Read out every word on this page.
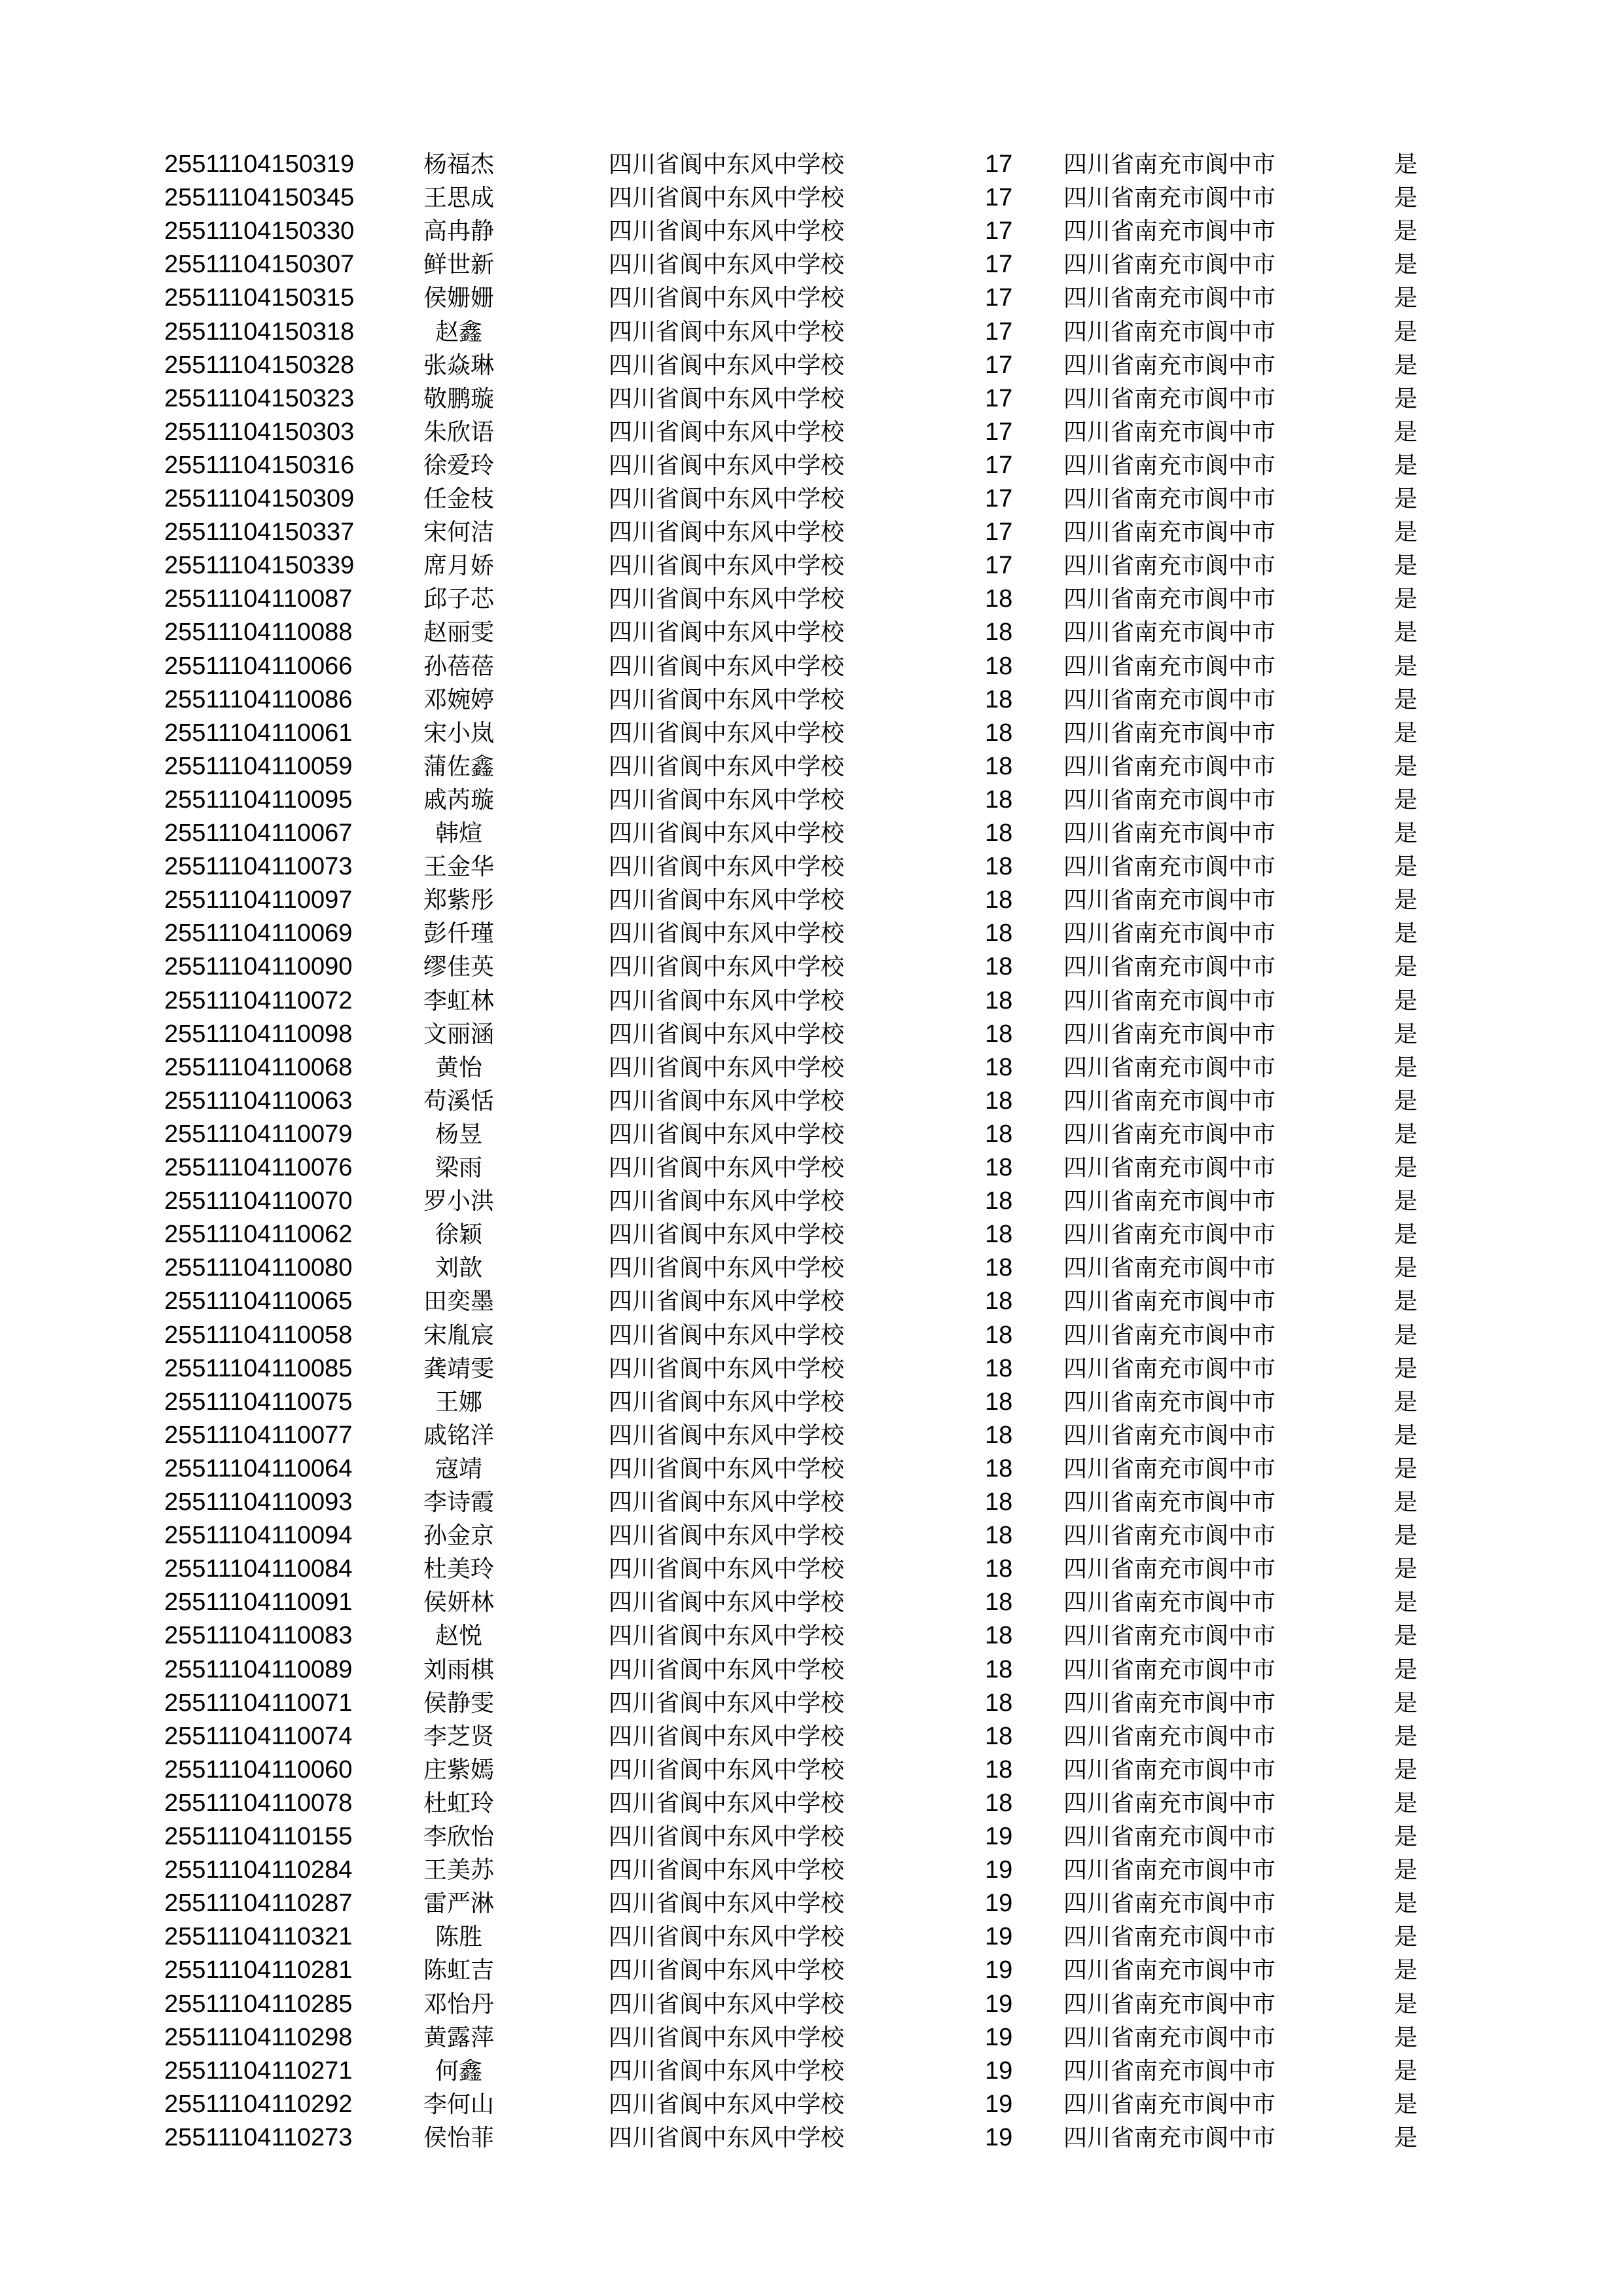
25511104150319	杨福杰	四川省阆中东风中学校	17 四川省南充市阆中市	是
25511104150345	王思成	四川省阆中东风中学校	17 四川省南充市阆中市	是
25511104150330	高冉静	四川省阆中东风中学校	17 四川省南充市阆中市	是
25511104150307	鲜世新	四川省阆中东风中学校	17 四川省南充市阆中市	是
25511104150315	侯姗姗	四川省阆中东风中学校	17 四川省南充市阆中市	是
25511104150318	赵鑫	四川省阆中东风中学校	17 四川省南充市阆中市	是
25511104150328	张焱琳	四川省阆中东风中学校	17 四川省南充市阆中市	是
25511104150323	敬鹏璇	四川省阆中东风中学校	17 四川省南充市阆中市	是
25511104150303	朱欣语	四川省阆中东风中学校	17 四川省南充市阆中市	是
25511104150316	徐爱玲	四川省阆中东风中学校	17 四川省南充市阆中市	是
25511104150309	任金枝	四川省阆中东风中学校	17 四川省南充市阆中市	是
25511104150337	宋何洁	四川省阆中东风中学校	17 四川省南充市阆中市	是
25511104150339	席月娇	四川省阆中东风中学校	17 四川省南充市阆中市	是
25511104110087	邱子芯	四川省阆中东风中学校	18 四川省南充市阆中市	是
25511104110088	赵丽雯	四川省阆中东风中学校	18 四川省南充市阆中市	是
25511104110066	孙蓓蓓	四川省阆中东风中学校	18 四川省南充市阆中市	是
25511104110086	邓婉婷	四川省阆中东风中学校	18 四川省南充市阆中市	是
25511104110061	宋小岚	四川省阆中东风中学校	18 四川省南充市阆中市	是
25511104110059	蒲佐鑫	四川省阆中东风中学校	18 四川省南充市阆中市	是
25511104110095	戚芮璇	四川省阆中东风中学校	18 四川省南充市阆中市	是
25511104110067	韩煊	四川省阆中东风中学校	18 四川省南充市阆中市	是
25511104110073	王金华	四川省阆中东风中学校	18 四川省南充市阆中市	是
25511104110097	郑紫彤	四川省阆中东风中学校	18 四川省南充市阆中市	是
25511104110069	彭仟瑾	四川省阆中东风中学校	18 四川省南充市阆中市	是
25511104110090	缪佳英	四川省阆中东风中学校	18 四川省南充市阆中市	是
25511104110072	李虹林	四川省阆中东风中学校	18 四川省南充市阆中市	是
25511104110098	文丽涵	四川省阆中东风中学校	18 四川省南充市阆中市	是
25511104110068	黄怡	四川省阆中东风中学校	18 四川省南充市阆中市	是
25511104110063	苟溪恬	四川省阆中东风中学校	18 四川省南充市阆中市	是
25511104110079	杨昱	四川省阆中东风中学校	18 四川省南充市阆中市	是
25511104110076	梁雨	四川省阆中东风中学校	18 四川省南充市阆中市	是
25511104110070	罗小洪	四川省阆中东风中学校	18 四川省南充市阆中市	是
25511104110062	徐颖	四川省阆中东风中学校	18 四川省南充市阆中市	是
25511104110080	刘歆	四川省阆中东风中学校	18 四川省南充市阆中市	是
25511104110065	田奕墨	四川省阆中东风中学校	18 四川省南充市阆中市	是
25511104110058	宋胤宸	四川省阆中东风中学校	18 四川省南充市阆中市	是
25511104110085	龚靖雯	四川省阆中东风中学校	18 四川省南充市阆中市	是
25511104110075	王娜	四川省阆中东风中学校	18 四川省南充市阆中市	是
25511104110077	戚铭洋	四川省阆中东风中学校	18 四川省南充市阆中市	是
25511104110064	寇靖	四川省阆中东风中学校	18 四川省南充市阆中市	是
25511104110093	李诗霞	四川省阆中东风中学校	18 四川省南充市阆中市	是
25511104110094	孙金京	四川省阆中东风中学校	18 四川省南充市阆中市	是
25511104110084	杜美玲	四川省阆中东风中学校	18 四川省南充市阆中市	是
25511104110091	侯妍林	四川省阆中东风中学校	18 四川省南充市阆中市	是
25511104110083	赵悦	四川省阆中东风中学校	18 四川省南充市阆中市	是
25511104110089	刘雨棋	四川省阆中东风中学校	18 四川省南充市阆中市	是
25511104110071	侯静雯	四川省阆中东风中学校	18 四川省南充市阆中市	是
25511104110074	李芝贤	四川省阆中东风中学校	18 四川省南充市阆中市	是
25511104110060	庄紫嫣	四川省阆中东风中学校	18 四川省南充市阆中市	是
25511104110078	杜虹玲	四川省阆中东风中学校	18 四川省南充市阆中市	是
25511104110155	李欣怡	四川省阆中东风中学校	19 四川省南充市阆中市	是
25511104110284	王美苏	四川省阆中东风中学校	19 四川省南充市阆中市	是
25511104110287	雷严淋	四川省阆中东风中学校	19 四川省南充市阆中市	是
25511104110321	陈胜	四川省阆中东风中学校	19 四川省南充市阆中市	是
25511104110281	陈虹吉	四川省阆中东风中学校	19 四川省南充市阆中市	是
25511104110285	邓怡丹	四川省阆中东风中学校	19 四川省南充市阆中市	是
25511104110298	黄露萍	四川省阆中东风中学校	19 四川省南充市阆中市	是
25511104110271	何鑫	四川省阆中东风中学校	19 四川省南充市阆中市	是
25511104110292	李何山	四川省阆中东风中学校	19 四川省南充市阆中市	是
25511104110273	侯怡菲	四川省阆中东风中学校	19 四川省南充市阆中市	是
